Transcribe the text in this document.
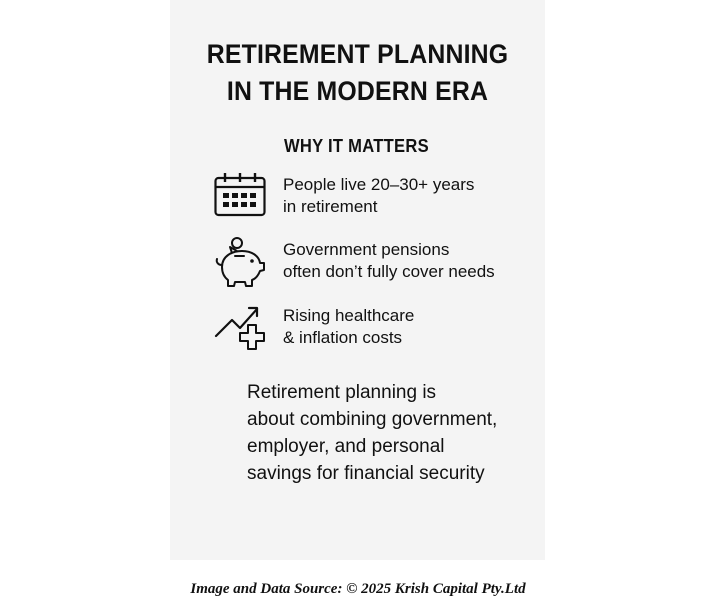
RETIREMENT PLANNING
IN THE MODERN ERA
WHY IT MATTERS
People live 20–30+ years
in retirement
Government pensions
often don’t fully cover needs
Rising healthcare
& inflation costs
Retirement planning is
about combining government,
employer, and personal
savings for financial security
Image and Data Source: © 2025 Krish Capital Pty.Ltd
